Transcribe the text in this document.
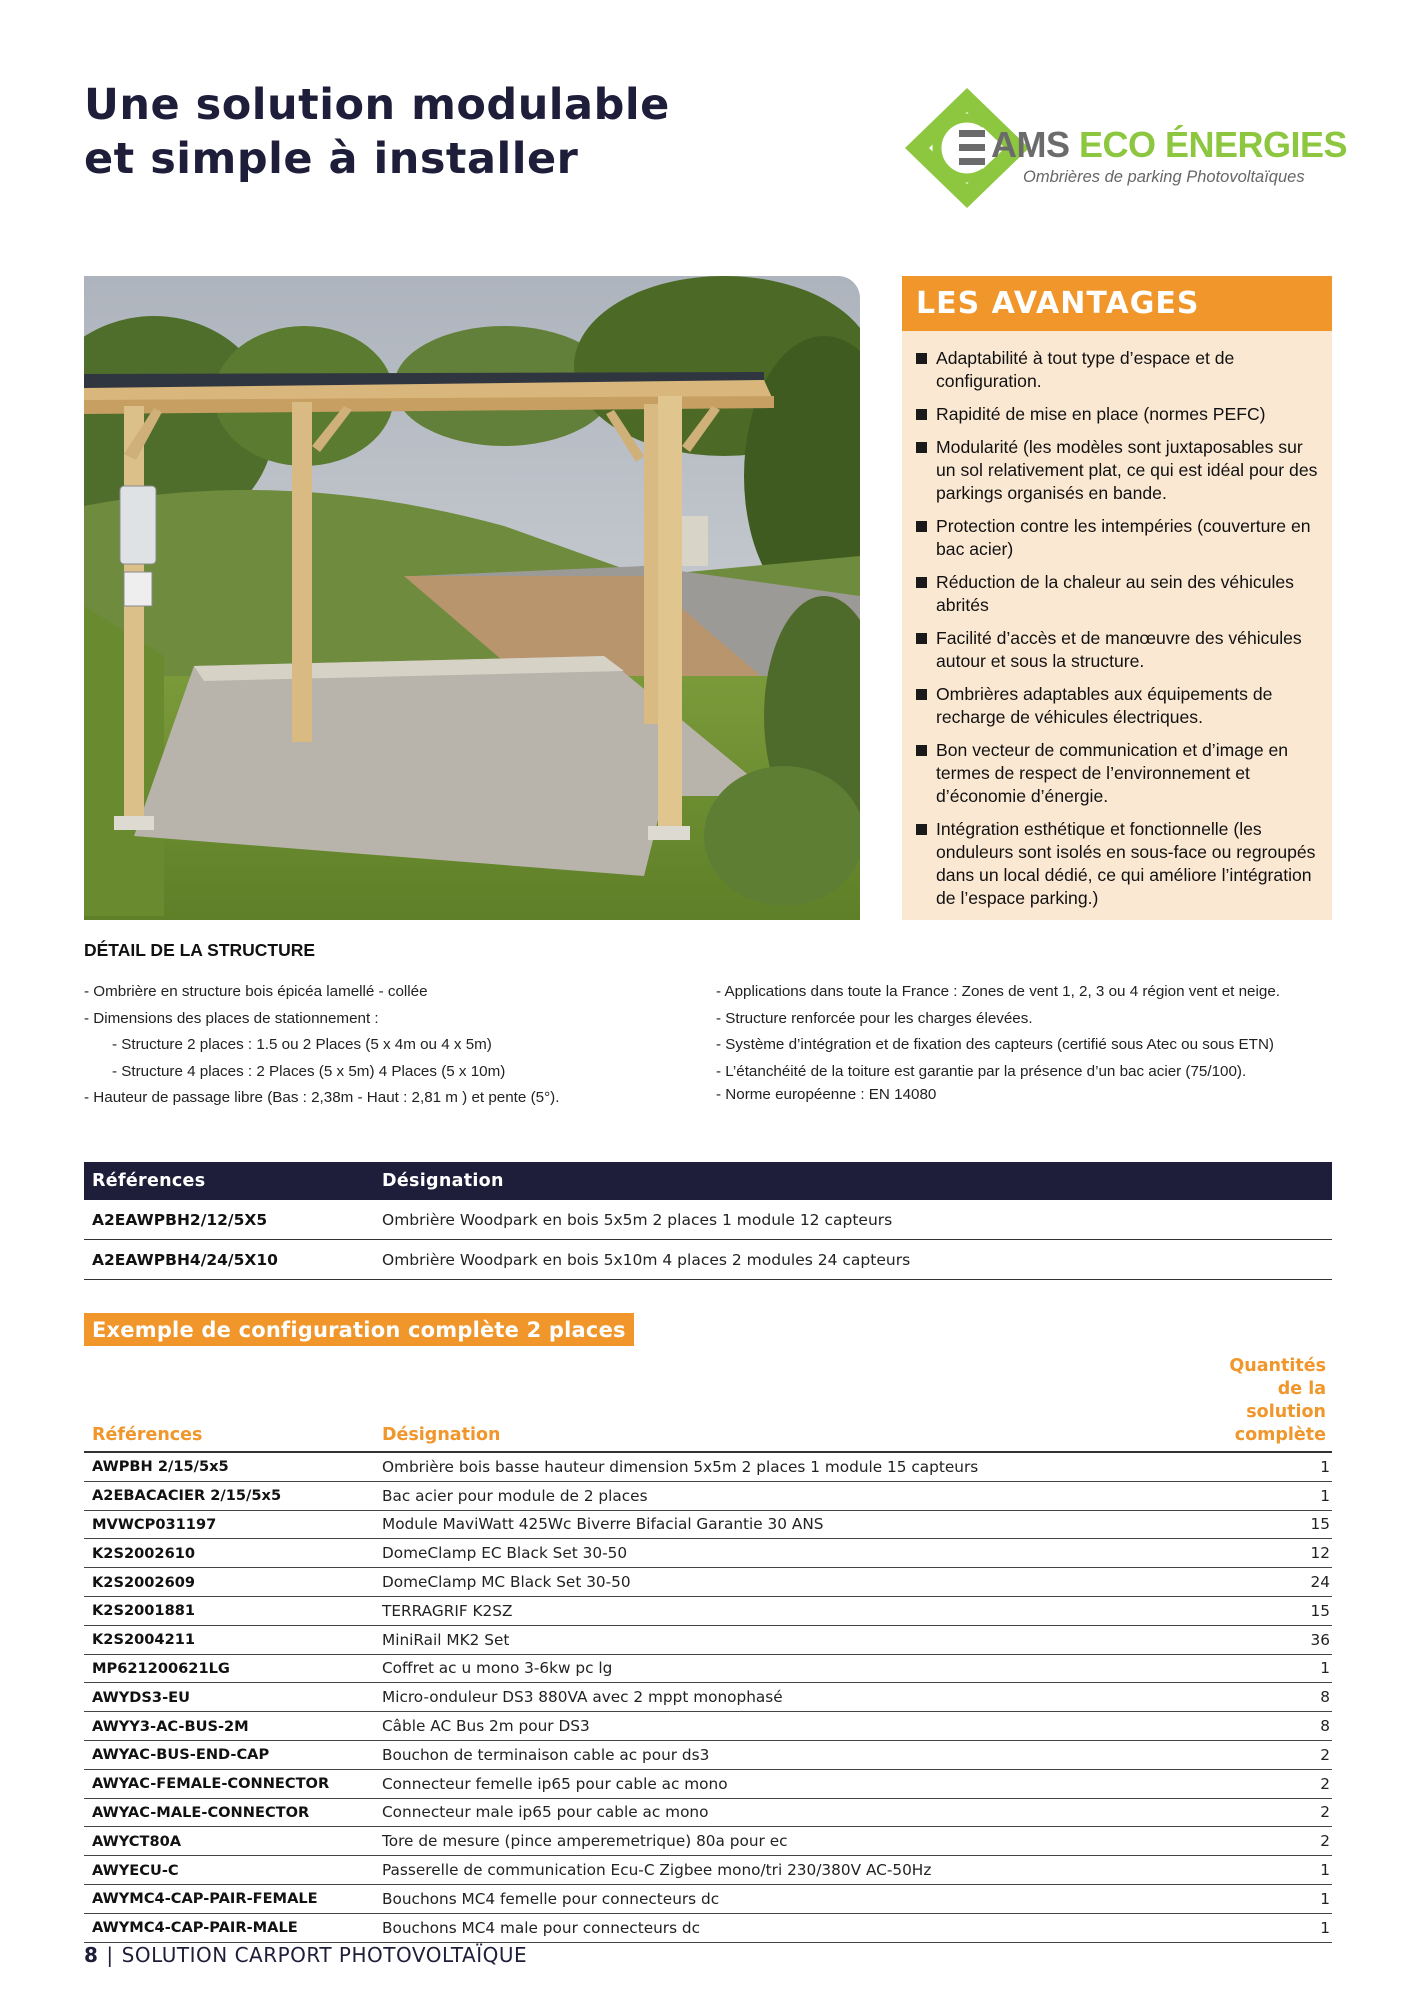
Une solution modulable
et simple à installer	AMS ECO ÉNERGIES
Ombrières de parking Photovoltaïques
LES AVANTAGES
Adaptabilité à tout type d’espace et de configuration.
Rapidité de mise en place (normes PEFC)
Modularité (les modèles sont juxtaposables sur un sol relativement plat, ce qui est idéal pour des parkings organisés en bande.
Protection contre les intempéries (couverture en bac acier)
Réduction de la chaleur au sein des véhicules abrités
Facilité d’accès et de manœuvre des véhicules autour et sous la structure.
Ombrières adaptables aux équipements de recharge de véhicules électriques.
Bon vecteur de communication et d’image en termes de respect de l’environnement et d’économie d’énergie.
Intégration esthétique et fonctionnelle (les onduleurs sont isolés en sous-face ou regroupés dans un local dédié, ce qui améliore l’intégration de l’espace parking.)
DÉTAIL DE LA STRUCTURE
- Ombrière en structure bois épicéa lamellé - collée
- Dimensions des places de stationnement :
- Structure 2 places : 1.5 ou 2 Places (5 x 4m ou 4 x 5m)
- Structure 4 places : 2 Places (5 x 5m) 4 Places (5 x 10m)
- Hauteur de passage libre (Bas : 2,38m - Haut : 2,81 m ) et pente (5°).
- Applications dans toute la France : Zones de vent 1, 2, 3 ou 4 région vent et neige.
- Structure renforcée pour les charges élevées.
- Système d’intégration et de fixation des capteurs (certifié sous Atec ou sous ETN)
- L’étanchéité de la toiture est garantie par la présence d’un bac acier (75/100).
- Norme européenne : EN 14080
Références	Désignation
A2EAWPBH2/12/5X5	Ombrière Woodpark en bois 5x5m 2 places 1 module 12 capteurs
A2EAWPBH4/24/5X10	Ombrière Woodpark en bois 5x10m 4 places 2 modules 24 capteurs
Exemple de configuration complète 2 places
Références	Désignation	Quantités
de la solution
complète

AWPBH 2/15/5x5	Ombrière bois basse hauteur dimension 5x5m 2 places 1 module 15 capteurs	1
A2EBACACIER 2/15/5x5	Bac acier pour module de 2 places	1
MVWCP031197	Module MaviWatt 425Wc Biverre Bifacial Garantie 30 ANS	15
K2S2002610	DomeClamp EC Black Set 30-50	12
K2S2002609	DomeClamp MC Black Set 30-50	24
K2S2001881	TERRAGRIF K2SZ	15
K2S2004211	MiniRail MK2 Set	36
MP621200621LG	Coffret ac u mono 3-6kw pc lg	1
AWYDS3-EU	Micro-onduleur DS3 880VA avec 2 mppt monophasé	8
AWYY3-AC-BUS-2M	Câble AC Bus 2m pour DS3	8
AWYAC-BUS-END-CAP	Bouchon de terminaison cable ac pour ds3	2
AWYAC-FEMALE-CONNECTOR	Connecteur femelle ip65 pour cable ac mono	2
AWYAC-MALE-CONNECTOR	Connecteur male ip65 pour cable ac mono	2
AWYCT80A	Tore de mesure (pince amperemetrique) 80a pour ec	2
AWYECU-C	Passerelle de communication Ecu-C Zigbee mono/tri 230/380V AC-50Hz	1
AWYMC4-CAP-PAIR-FEMALE	Bouchons MC4 femelle pour connecteurs dc	1
AWYMC4-CAP-PAIR-MALE	Bouchons MC4 male pour connecteurs dc	1
8 | SOLUTION CARPORT PHOTOVOLTAÏQUE
